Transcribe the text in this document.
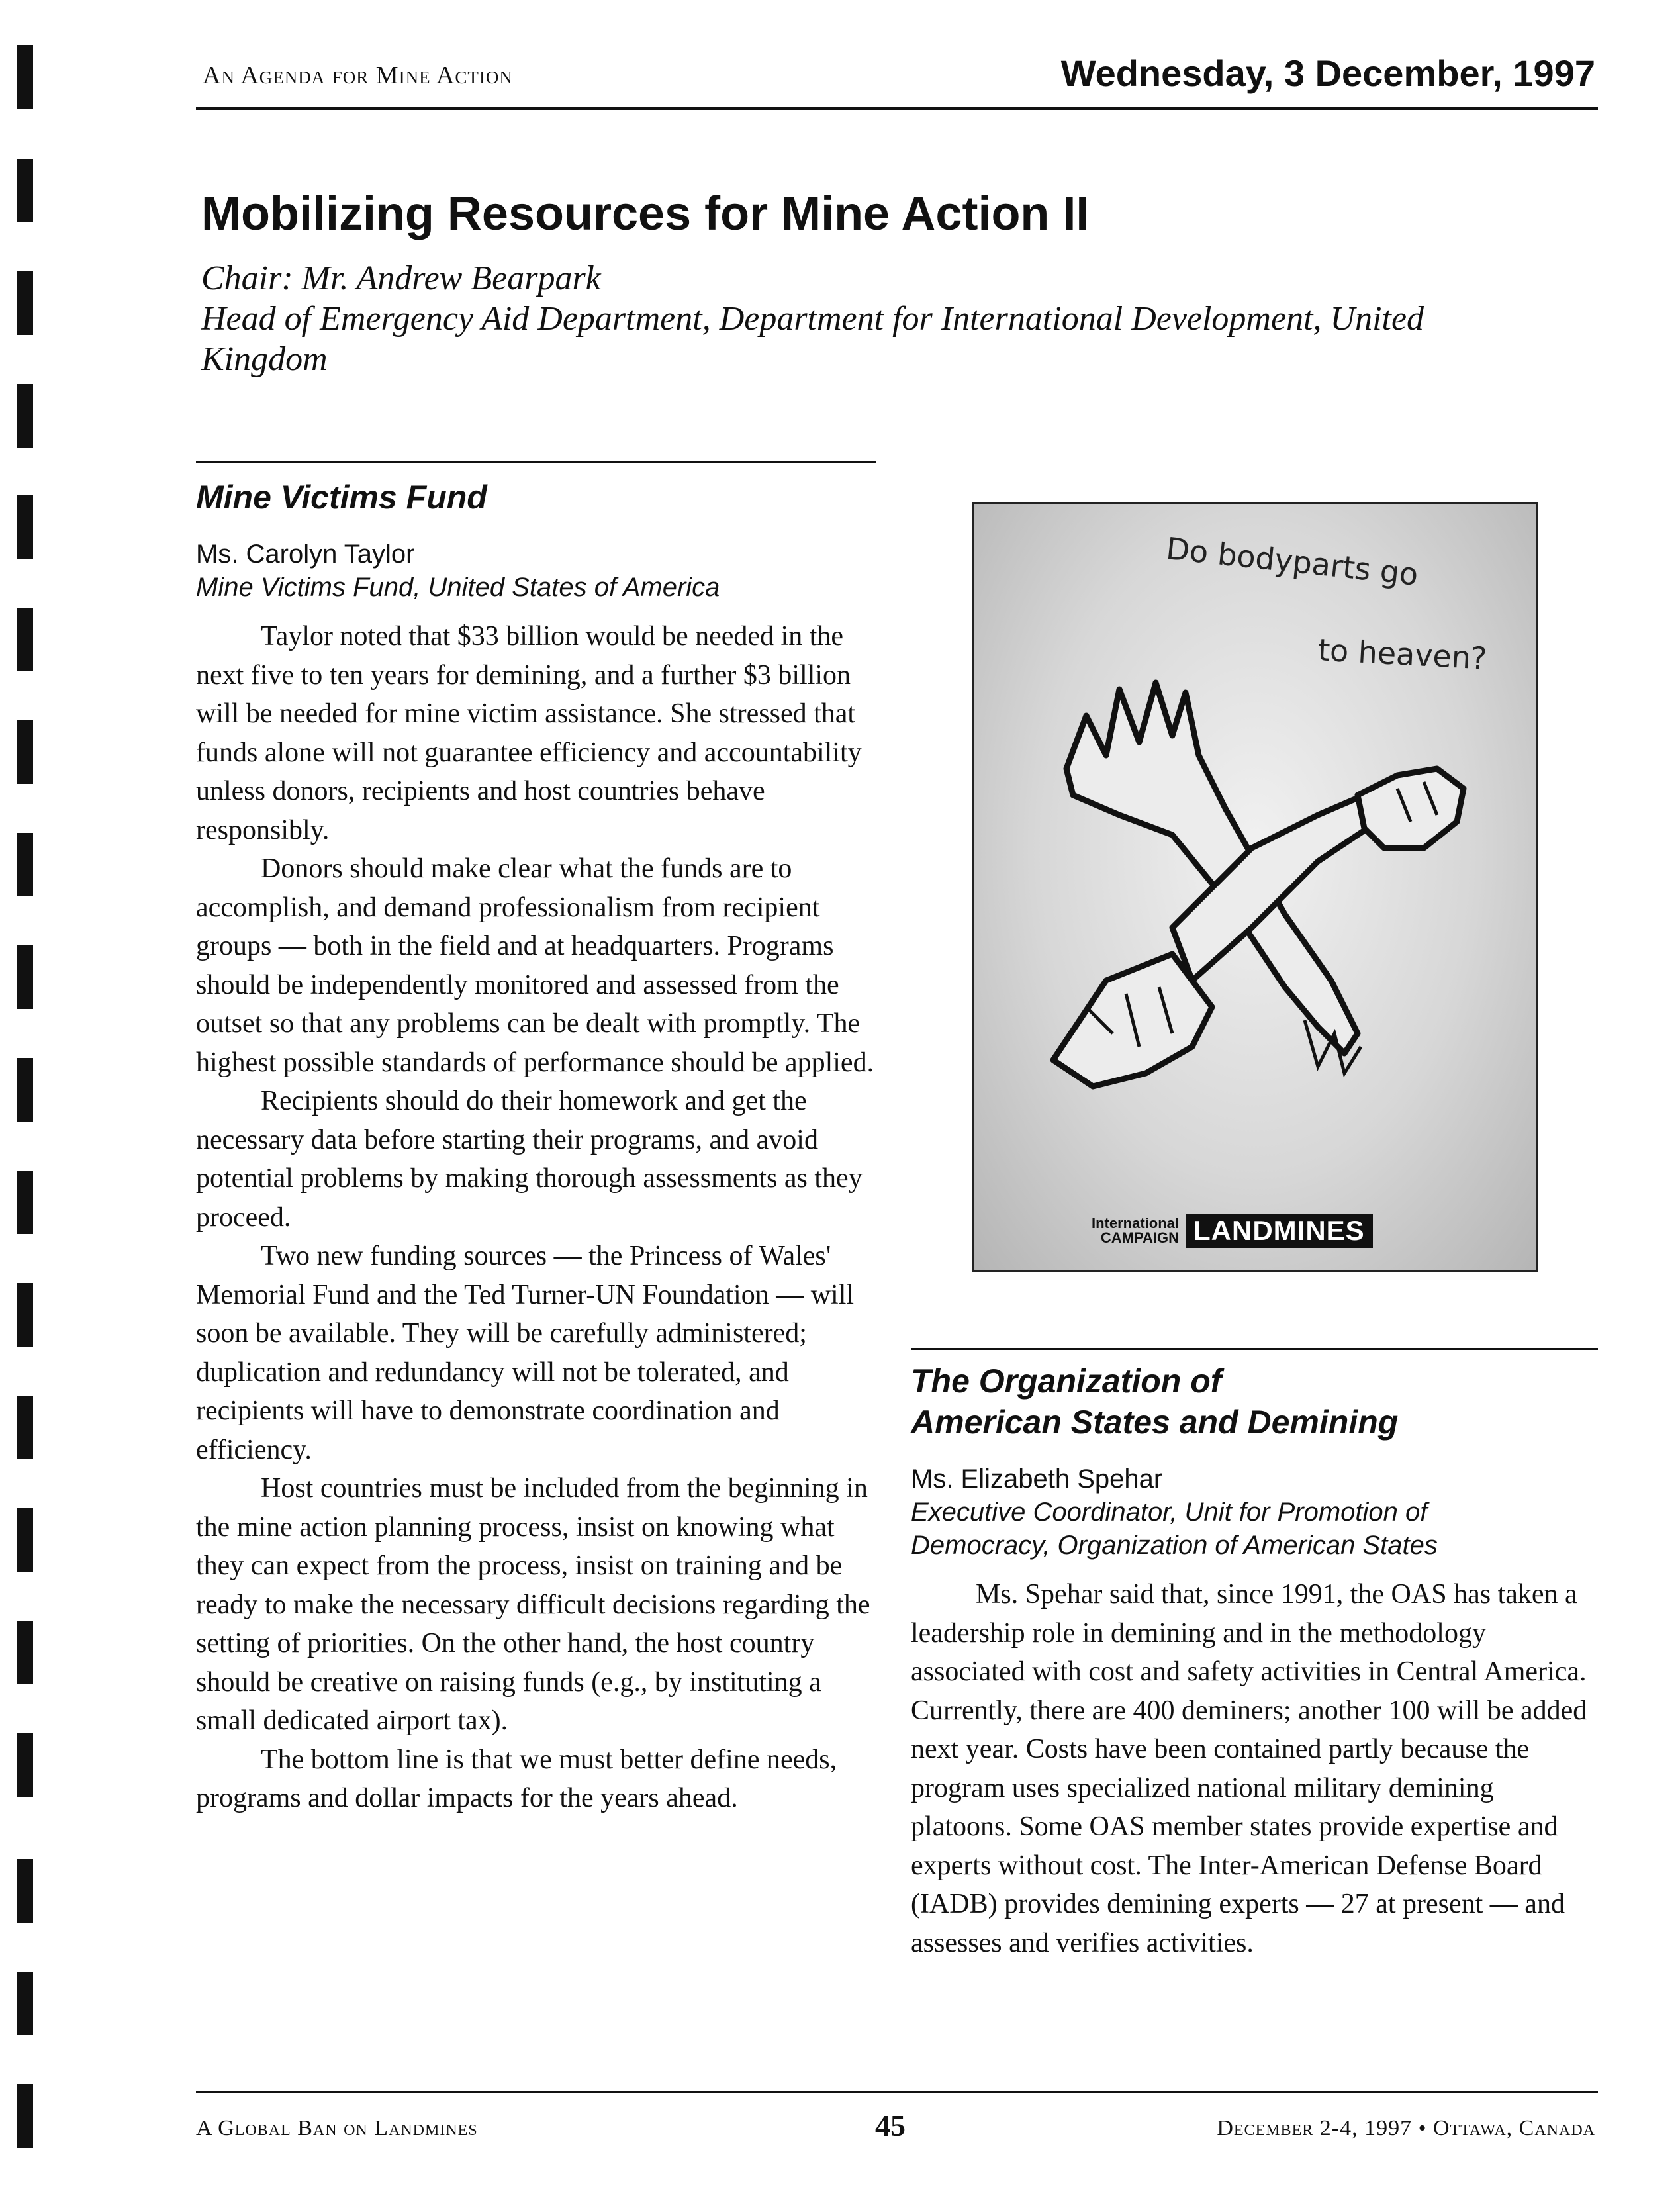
An Agenda for Mine Action	Wednesday, 3 December, 1997
Mobilizing Resources for Mine Action II
Chair: Mr. Andrew Bearpark
Head of Emergency Aid Department, Department for International Development, United Kingdom
Mine Victims Fund
Ms. Carolyn Taylor
Mine Victims Fund, United States of America

Taylor noted that $33 billion would be needed in the next five to ten years for demining, and a further $3 billion will be needed for mine victim assistance. She stressed that funds alone will not guarantee efficiency and accountability unless donors, recipients and host countries behave responsibly.

Donors should make clear what the funds are to accomplish, and demand professionalism from recipient groups — both in the field and at headquarters. Programs should be independently monitored and assessed from the outset so that any problems can be dealt with promptly. The highest possible standards of performance should be applied.

Recipients should do their homework and get the necessary data before starting their programs, and avoid potential problems by making thorough assessments as they proceed.

Two new funding sources — the Princess of Wales' Memorial Fund and the Ted Turner-UN Foundation — will soon be available. They will be carefully administered; duplication and redundancy will not be tolerated, and recipients will have to demonstrate coordination and efficiency.

Host countries must be included from the beginning in the mine action planning process, insist on knowing what they can expect from the process, insist on training and be ready to make the necessary difficult decisions regarding the setting of priorities. On the other hand, the host country should be creative on raising funds (e.g., by instituting a small dedicated airport tax).

The bottom line is that we must better define needs, programs and dollar impacts for the years ahead.

Do bodyparts go
to heaven?
International
CAMPAIGN LANDMINES
The Organization of
American States and Demining
Ms. Elizabeth Spehar
Executive Coordinator, Unit for Promotion of
Democracy, Organization of American States

Ms. Spehar said that, since 1991, the OAS has taken a leadership role in demining and in the methodology associated with cost and safety activities in Central America. Currently, there are 400 deminers; another 100 will be added next year. Costs have been contained partly because the program uses specialized national military demining platoons. Some OAS member states provide expertise and experts without cost. The Inter-American Defense Board (IADB) provides demining experts — 27 at present — and assesses and verifies activities.

A Global Ban on Landmines	45	December 2-4, 1997 • Ottawa, Canada
